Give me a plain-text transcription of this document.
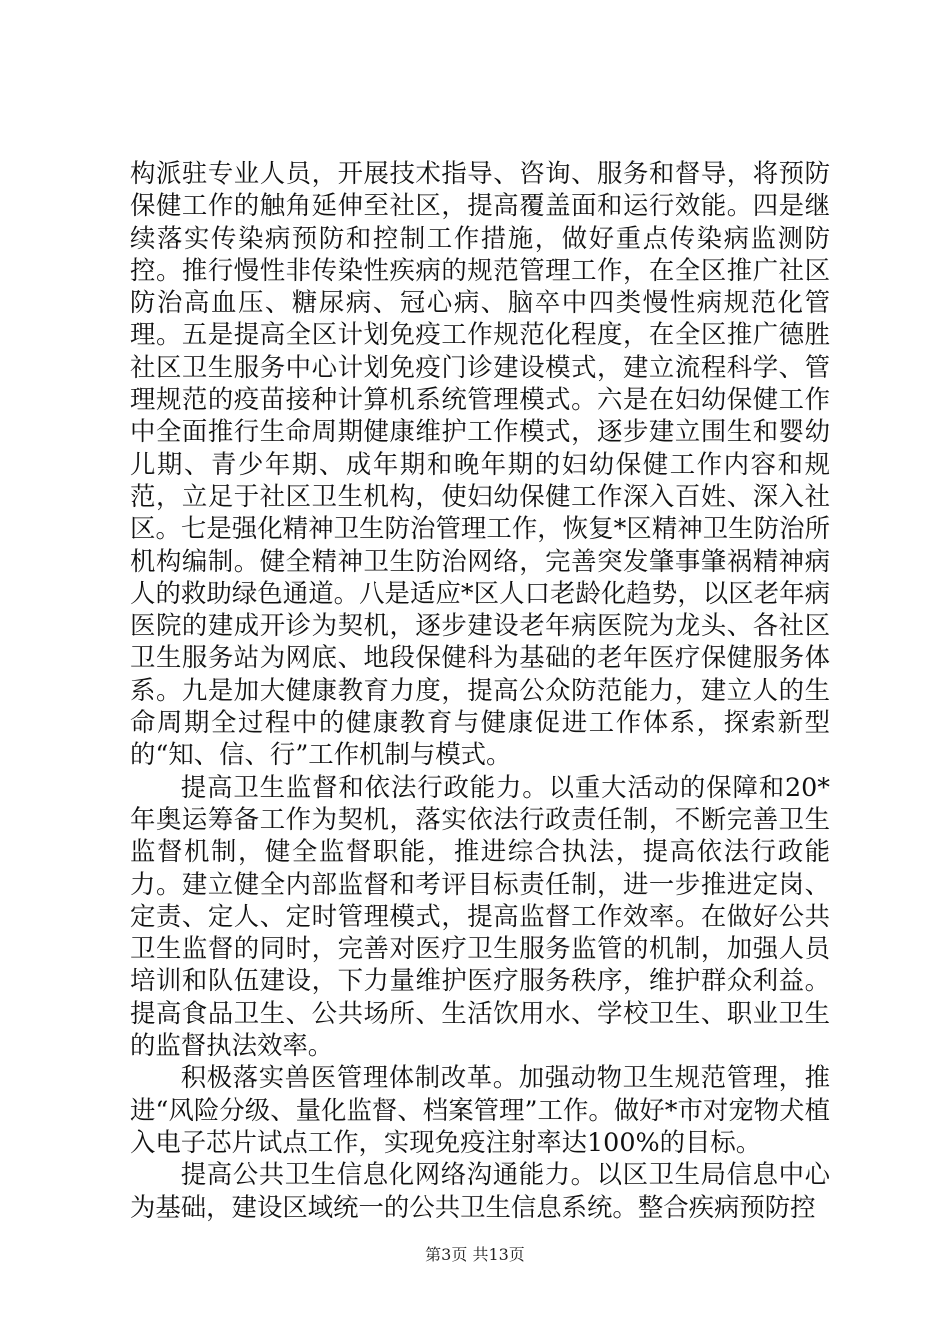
构派驻专业人员，开展技术指导、咨询、服务和督导，将预防保健工作的触角延伸至社区，提高覆盖面和运行效能。四是继续落实传染病预防和控制工作措施，做好重点传染病监测防控。推行慢性非传染性疾病的规范管理工作，在全区推广社区防治高血压、糖尿病、冠心病、脑卒中四类慢性病规范化管理。五是提高全区计划免疫工作规范化程度，在全区推广德胜社区卫生服务中心计划免疫门诊建设模式，建立流程科学、管理规范的疫苗接种计算机系统管理模式。六是在妇幼保健工作中全面推行生命周期健康维护工作模式，逐步建立围生和婴幼儿期、青少年期、成年期和晚年期的妇幼保健工作内容和规范，立足于社区卫生机构，使妇幼保健工作深入百姓、深入社区。七是强化精神卫生防治管理工作，恢复*区精神卫生防治所机构编制。健全精神卫生防治网络，完善突发肇事肇祸精神病人的救助绿色通道。八是适应*区人口老龄化趋势，以区老年病医院的建成开诊为契机，逐步建设老年病医院为龙头、各社区卫生服务站为网底、地段保健科为基础的老年医疗保健服务体系。九是加大健康教育力度，提高公众防范能力，建立人的生命周期全过程中的健康教育与健康促进工作体系，探索新型的“知、信、行”工作机制与模式。

提高卫生监督和依法行政能力。以重大活动的保障和20*年奥运筹备工作为契机，落实依法行政责任制，不断完善卫生监督机制，健全监督职能，推进综合执法，提高依法行政能力。建立健全内部监督和考评目标责任制，进一步推进定岗、定责、定人、定时管理模式，提高监督工作效率。在做好公共卫生监督的同时，完善对医疗卫生服务监管的机制，加强人员培训和队伍建设，下力量维护医疗服务秩序，维护群众利益。提高食品卫生、公共场所、生活饮用水、学校卫生、职业卫生的监督执法效率。

积极落实兽医管理体制改革。加强动物卫生规范管理，推进“风险分级、量化监督、档案管理”工作。做好*市对宠物犬植入电子芯片试点工作，实现免疫注射率达100%的目标。

提高公共卫生信息化网络沟通能力。以区卫生局信息中心为基础，建设区域统一的公共卫生信息系统。整合疾病预防控

第3页 共13页
